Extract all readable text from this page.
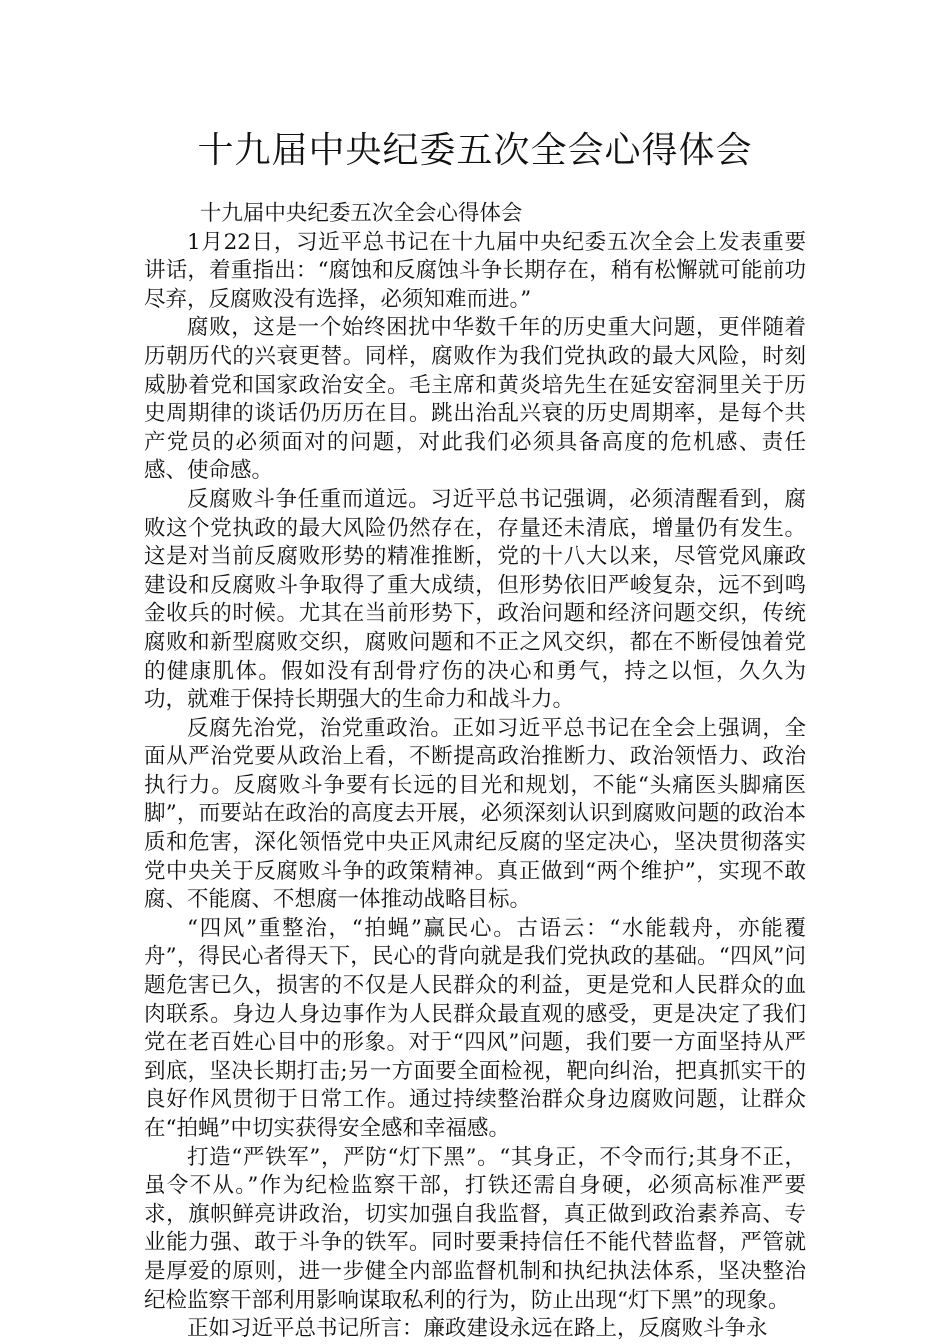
十九届中央纪委五次全会心得体会

十九届中央纪委五次全会心得体会

1月22日，习近平总书记在十九届中央纪委五次全会上发表重要讲话，着重指出：“腐蚀和反腐蚀斗争长期存在，稍有松懈就可能前功尽弃，反腐败没有选择，必须知难而进。”

腐败，这是一个始终困扰中华数千年的历史重大问题，更伴随着历朝历代的兴衰更替。同样，腐败作为我们党执政的最大风险，时刻威胁着党和国家政治安全。毛主席和黄炎培先生在延安窑洞里关于历史周期律的谈话仍历历在目。跳出治乱兴衰的历史周期率，是每个共产党员的必须面对的问题，对此我们必须具备高度的危机感、责任感、使命感。

反腐败斗争任重而道远。习近平总书记强调，必须清醒看到，腐败这个党执政的最大风险仍然存在，存量还未清底，增量仍有发生。这是对当前反腐败形势的精准推断，党的十八大以来，尽管党风廉政建设和反腐败斗争取得了重大成绩，但形势依旧严峻复杂，远不到鸣金收兵的时候。尤其在当前形势下，政治问题和经济问题交织，传统腐败和新型腐败交织，腐败问题和不正之风交织，都在不断侵蚀着党的健康肌体。假如没有刮骨疗伤的决心和勇气，持之以恒，久久为功，就难于保持长期强大的生命力和战斗力。

反腐先治党，治党重政治。正如习近平总书记在全会上强调，全面从严治党要从政治上看，不断提高政治推断力、政治领悟力、政治执行力。反腐败斗争要有长远的目光和规划，不能“头痛医头脚痛医脚”，而要站在政治的高度去开展，必须深刻认识到腐败问题的政治本质和危害，深化领悟党中央正风肃纪反腐的坚定决心，坚决贯彻落实党中央关于反腐败斗争的政策精神。真正做到“两个维护”，实现不敢腐、不能腐、不想腐一体推动战略目标。

“四风”重整治，“拍蝇”赢民心。古语云：“水能载舟，亦能覆舟”，得民心者得天下，民心的背向就是我们党执政的基础。“四风”问题危害已久，损害的不仅是人民群众的利益，更是党和人民群众的血肉联系。身边人身边事作为人民群众最直观的感受，更是决定了我们党在老百姓心目中的形象。对于“四风”问题，我们要一方面坚持从严到底，坚决长期打击;另一方面要全面检视，靶向纠治，把真抓实干的良好作风贯彻于日常工作。通过持续整治群众身边腐败问题，让群众在“拍蝇”中切实获得安全感和幸福感。

打造“严铁军”，严防“灯下黑”。“其身正，不令而行;其身不正，虽令不从。”作为纪检监察干部，打铁还需自身硬，必须高标准严要求，旗帜鲜亮讲政治，切实加强自我监督，真正做到政治素养高、专业能力强、敢于斗争的铁军。同时要秉持信任不能代替监督，严管就是厚爱的原则，进一步健全内部监督机制和执纪执法体系，坚决整治纪检监察干部利用影响谋取私利的行为，防止出现“灯下黑”的现象。

正如习近平总书记所言：廉政建设永远在路上，反腐败斗争永
